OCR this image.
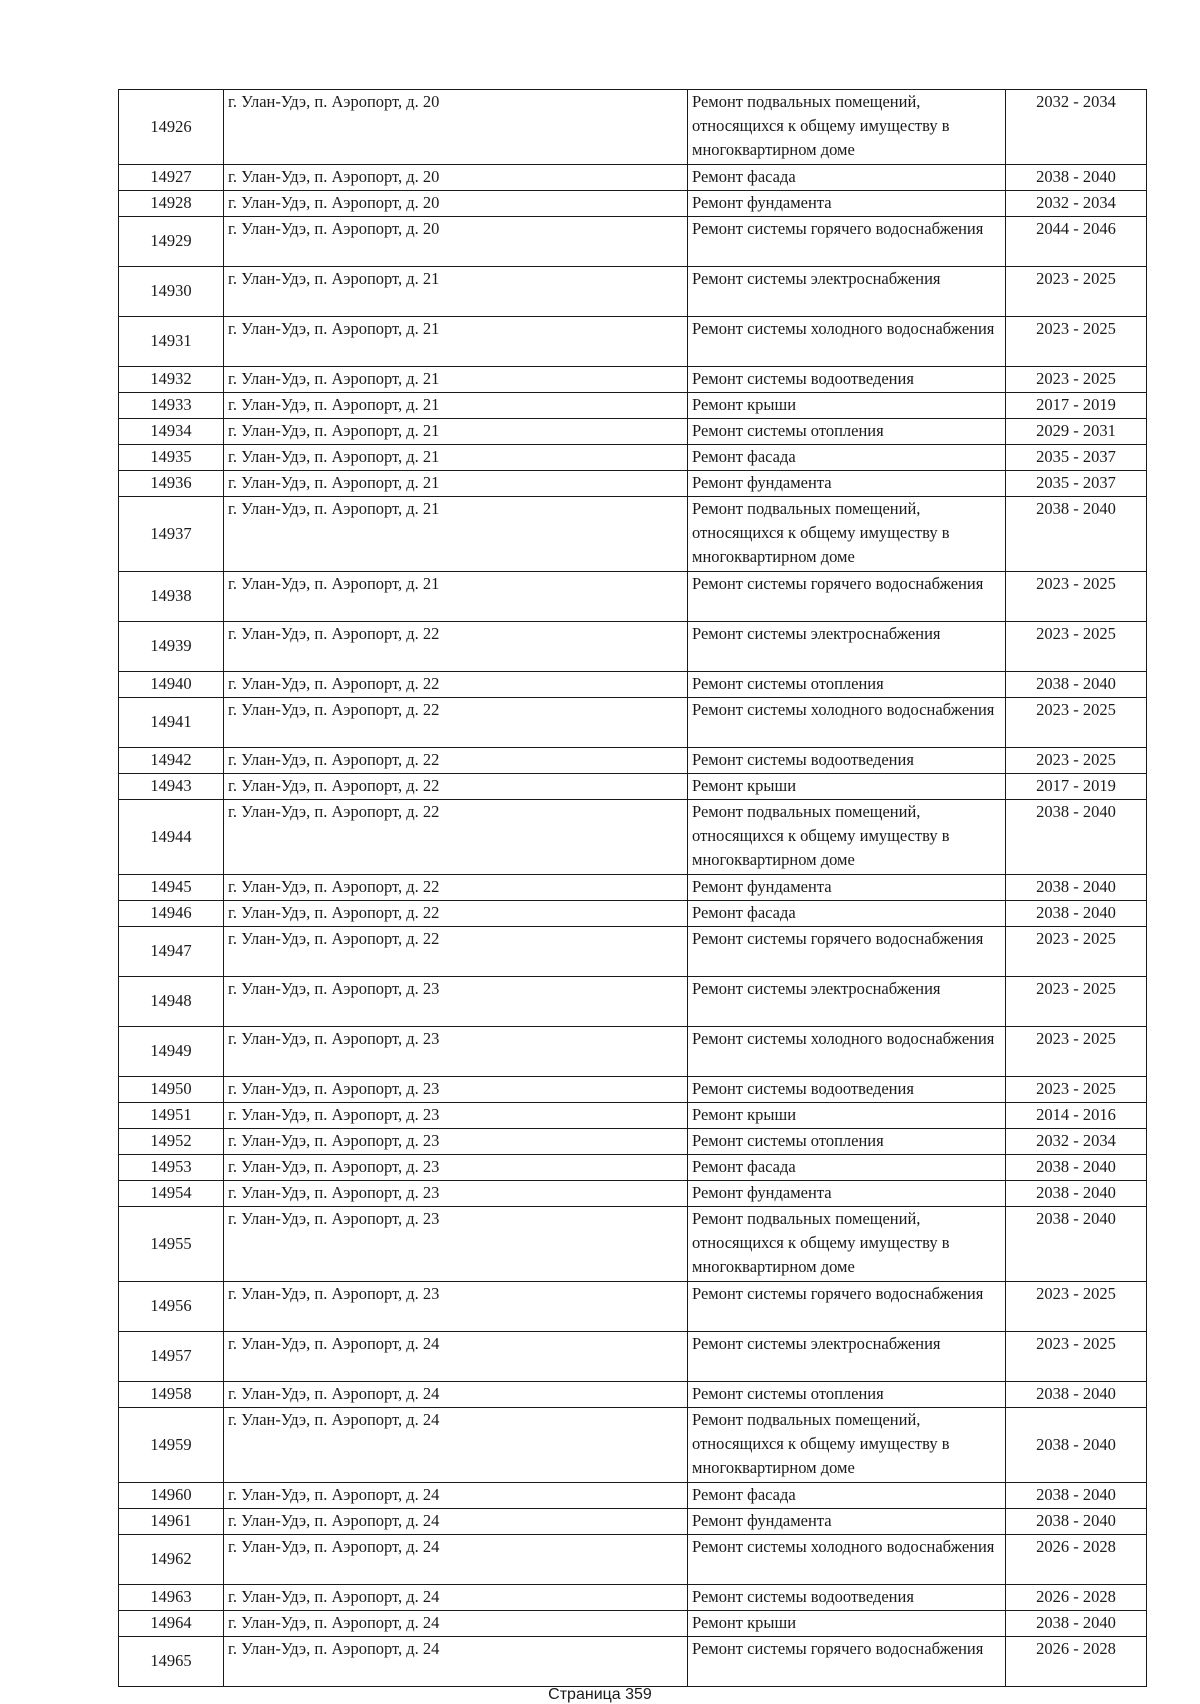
14926	г. Улан-Удэ, п. Аэропорт, д. 20	Ремонт подвальных помещений, относящихся к общему имуществу в многоквартирном доме	2032 - 2034
14927	г. Улан-Удэ, п. Аэропорт, д. 20	Ремонт фасада	2038 - 2040
14928	г. Улан-Удэ, п. Аэропорт, д. 20	Ремонт фундамента	2032 - 2034
14929	г. Улан-Удэ, п. Аэропорт, д. 20	Ремонт системы горячего водоснабжения	2044 - 2046
14930	г. Улан-Удэ, п. Аэропорт, д. 21	Ремонт системы электроснабжения	2023 - 2025
14931	г. Улан-Удэ, п. Аэропорт, д. 21	Ремонт системы холодного водоснабжения	2023 - 2025
14932	г. Улан-Удэ, п. Аэропорт, д. 21	Ремонт системы водоотведения	2023 - 2025
14933	г. Улан-Удэ, п. Аэропорт, д. 21	Ремонт крыши	2017 - 2019
14934	г. Улан-Удэ, п. Аэропорт, д. 21	Ремонт системы отопления	2029 - 2031
14935	г. Улан-Удэ, п. Аэропорт, д. 21	Ремонт фасада	2035 - 2037
14936	г. Улан-Удэ, п. Аэропорт, д. 21	Ремонт фундамента	2035 - 2037
14937	г. Улан-Удэ, п. Аэропорт, д. 21	Ремонт подвальных помещений, относящихся к общему имуществу в многоквартирном доме	2038 - 2040
14938	г. Улан-Удэ, п. Аэропорт, д. 21	Ремонт системы горячего водоснабжения	2023 - 2025
14939	г. Улан-Удэ, п. Аэропорт, д. 22	Ремонт системы электроснабжения	2023 - 2025
14940	г. Улан-Удэ, п. Аэропорт, д. 22	Ремонт системы отопления	2038 - 2040
14941	г. Улан-Удэ, п. Аэропорт, д. 22	Ремонт системы холодного водоснабжения	2023 - 2025
14942	г. Улан-Удэ, п. Аэропорт, д. 22	Ремонт системы водоотведения	2023 - 2025
14943	г. Улан-Удэ, п. Аэропорт, д. 22	Ремонт крыши	2017 - 2019
14944	г. Улан-Удэ, п. Аэропорт, д. 22	Ремонт подвальных помещений, относящихся к общему имуществу в многоквартирном доме	2038 - 2040
14945	г. Улан-Удэ, п. Аэропорт, д. 22	Ремонт фундамента	2038 - 2040
14946	г. Улан-Удэ, п. Аэропорт, д. 22	Ремонт фасада	2038 - 2040
14947	г. Улан-Удэ, п. Аэропорт, д. 22	Ремонт системы горячего водоснабжения	2023 - 2025
14948	г. Улан-Удэ, п. Аэропорт, д. 23	Ремонт системы электроснабжения	2023 - 2025
14949	г. Улан-Удэ, п. Аэропорт, д. 23	Ремонт системы холодного водоснабжения	2023 - 2025
14950	г. Улан-Удэ, п. Аэропорт, д. 23	Ремонт системы водоотведения	2023 - 2025
14951	г. Улан-Удэ, п. Аэропорт, д. 23	Ремонт крыши	2014 - 2016
14952	г. Улан-Удэ, п. Аэропорт, д. 23	Ремонт системы отопления	2032 - 2034
14953	г. Улан-Удэ, п. Аэропорт, д. 23	Ремонт фасада	2038 - 2040
14954	г. Улан-Удэ, п. Аэропорт, д. 23	Ремонт фундамента	2038 - 2040
14955	г. Улан-Удэ, п. Аэропорт, д. 23	Ремонт подвальных помещений, относящихся к общему имуществу в многоквартирном доме	2038 - 2040
14956	г. Улан-Удэ, п. Аэропорт, д. 23	Ремонт системы горячего водоснабжения	2023 - 2025
14957	г. Улан-Удэ, п. Аэропорт, д. 24	Ремонт системы электроснабжения	2023 - 2025
14958	г. Улан-Удэ, п. Аэропорт, д. 24	Ремонт системы отопления	2038 - 2040
14959	г. Улан-Удэ, п. Аэропорт, д. 24	Ремонт подвальных помещений, относящихся к общему имуществу в многоквартирном доме	2038 - 2040
14960	г. Улан-Удэ, п. Аэропорт, д. 24	Ремонт фасада	2038 - 2040
14961	г. Улан-Удэ, п. Аэропорт, д. 24	Ремонт фундамента	2038 - 2040
14962	г. Улан-Удэ, п. Аэропорт, д. 24	Ремонт системы холодного водоснабжения	2026 - 2028
14963	г. Улан-Удэ, п. Аэропорт, д. 24	Ремонт системы водоотведения	2026 - 2028
14964	г. Улан-Удэ, п. Аэропорт, д. 24	Ремонт крыши	2038 - 2040
14965	г. Улан-Удэ, п. Аэропорт, д. 24	Ремонт системы горячего водоснабжения	2026 - 2028
Страница 359
